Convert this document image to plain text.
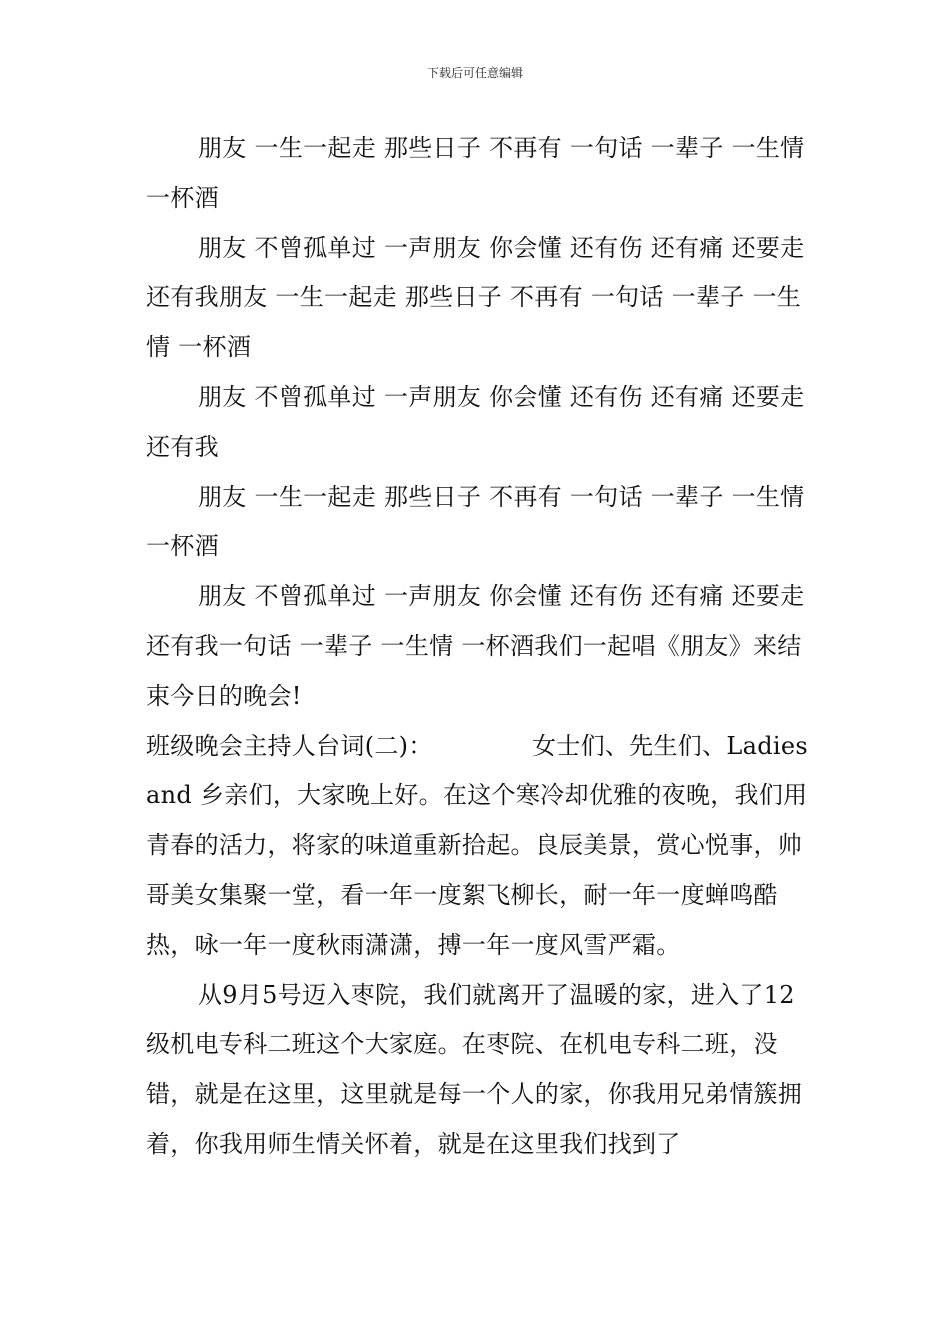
下载后可任意编辑

朋友 一生一起走 那些日子 不再有 一句话 一辈子 一生情 一杯酒

朋友 不曾孤单过 一声朋友 你会懂 还有伤 还有痛 还要走 还有我朋友 一生一起走 那些日子 不再有 一句话 一辈子 一生情 一杯酒

朋友 不曾孤单过 一声朋友 你会懂 还有伤 还有痛 还要走 还有我

朋友 一生一起走 那些日子 不再有 一句话 一辈子 一生情 一杯酒

朋友 不曾孤单过 一声朋友 你会懂 还有伤 还有痛 还要走 还有我一句话 一辈子 一生情 一杯酒我们一起唱《朋友》来结束今日的晚会!

班级晚会主持人台词(二)：	女士们、先生们、Ladies

and 乡亲们，大家晚上好。在这个寒冷却优雅的夜晚，我们用青春的活力，将家的味道重新拾起。良辰美景，赏心悦事，帅哥美女集聚一堂，看一年一度絮飞柳长，耐一年一度蝉鸣酷热，咏一年一度秋雨潇潇，搏一年一度风雪严霜。

从9月5号迈入枣院，我们就离开了温暖的家，进入了12级机电专科二班这个大家庭。在枣院、在机电专科二班，没错，就是在这里，这里就是每一个人的家，你我用兄弟情簇拥着，你我用师生情关怀着，就是在这里我们找到了
